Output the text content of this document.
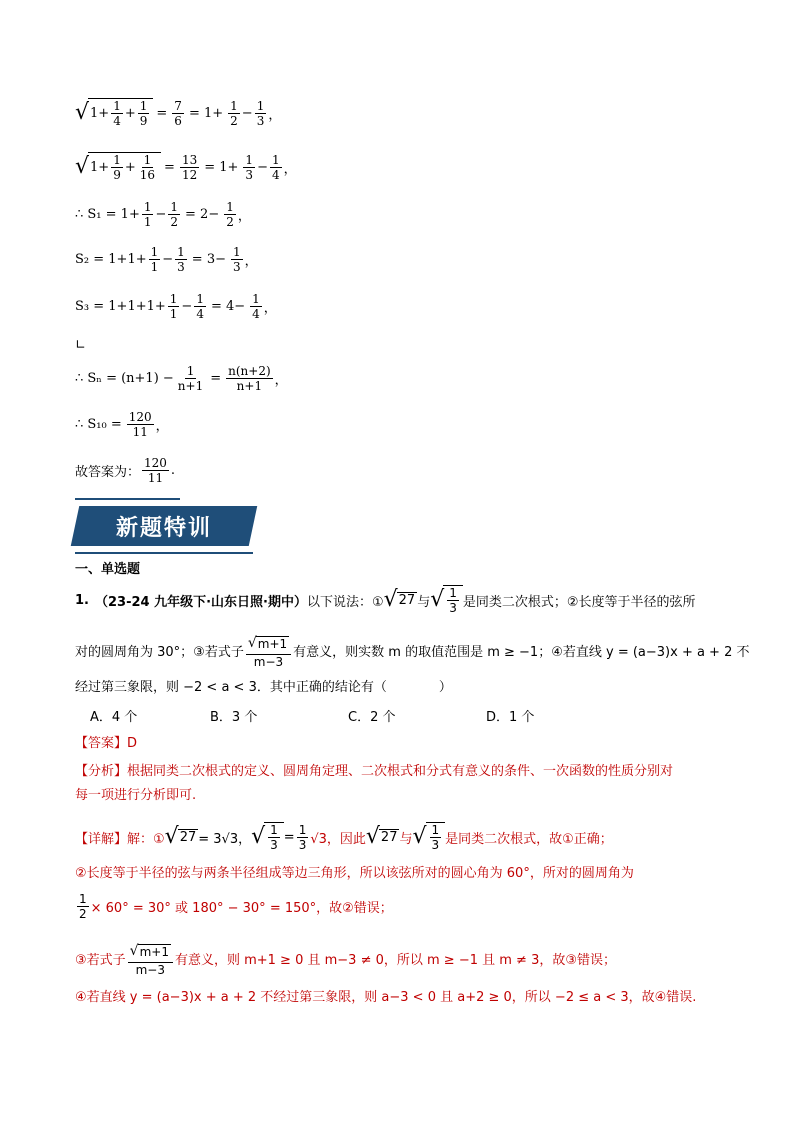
√ $1+ \frac{1}{4} + \frac{1}{9} = \frac{7}{6} = 1+ \frac{1}{2} - \frac{1}{3}$ ，
√ $1+ \frac{1}{9} + \frac{1}{16} = \frac{13}{12} = 1+ \frac{1}{3} - \frac{1}{4}$ ，
∴ $S_1 = 1+ \frac{1}{1} - \frac{1}{2} = 2- \frac{1}{2}$ ，
$S_2 = 1+1+ \frac{1}{1} - \frac{1}{3} = 3- \frac{1}{3}$ ，
$S_3 = 1+1+1+ \frac{1}{1} - \frac{1}{4} = 4- \frac{1}{4}$ ，
∟
∴ $S_n = (n+1) - \frac{1}{n+1} = \frac{n(n+2)}{n+1}$ ，
∴ $S_{10} = \frac{120}{11}$ ，
故答案为： $\frac{120}{11}$ .
新题特训
一、单选题
1. （23-24 九年级下·山东日照·期中） 以下说法：① √ 27 与 √ $\frac{1}{3}$ 是同类二次根式；②长度等于半径的弦所
对的圆周角为 30°；③若式子 $\frac{√ m+1}{m-3}$ 有意义，则实数 m 的取值范围是 m ≥ −1；④若直线 y = (a−3)x + a + 2 不
经过第三象限，则 −2 < a < 3．其中正确的结论有（　　　　）
A．4 个	B．3 个	C．2 个	D．1 个
【答案】D
【分析】根据同类二次根式的定义、圆周角定理、二次根式和分式有意义的条件、一次函数的性质分别对
每一项进行分析即可.
【详解】 解：① √ 27 = 3√3， √ $\frac{1}{3} = \frac{1}{3} √3$，因此 √ 27 与 √ $\frac{1}{3}$ 是同类二次根式，故①正确；
②长度等于半径的弦与两条半径组成等边三角形，所以该弦所对的圆心角为 60°，所对的圆周角为
$\frac{1}{2} \times 60^\circ = 30^\circ$ 或 180° − 30° = 150°，故②错误；
③若式子 $\frac{√ m+1}{m-3}$ 有意义，则 m+1 ≥ 0 且 m−3 ≠ 0，所以 m ≥ −1 且 m ≠ 3，故③错误；
④若直线 y = (a−3)x + a + 2 不经过第三象限，则 a−3 < 0 且 a+2 ≥ 0，所以 −2 ≤ a < 3，故④错误.
